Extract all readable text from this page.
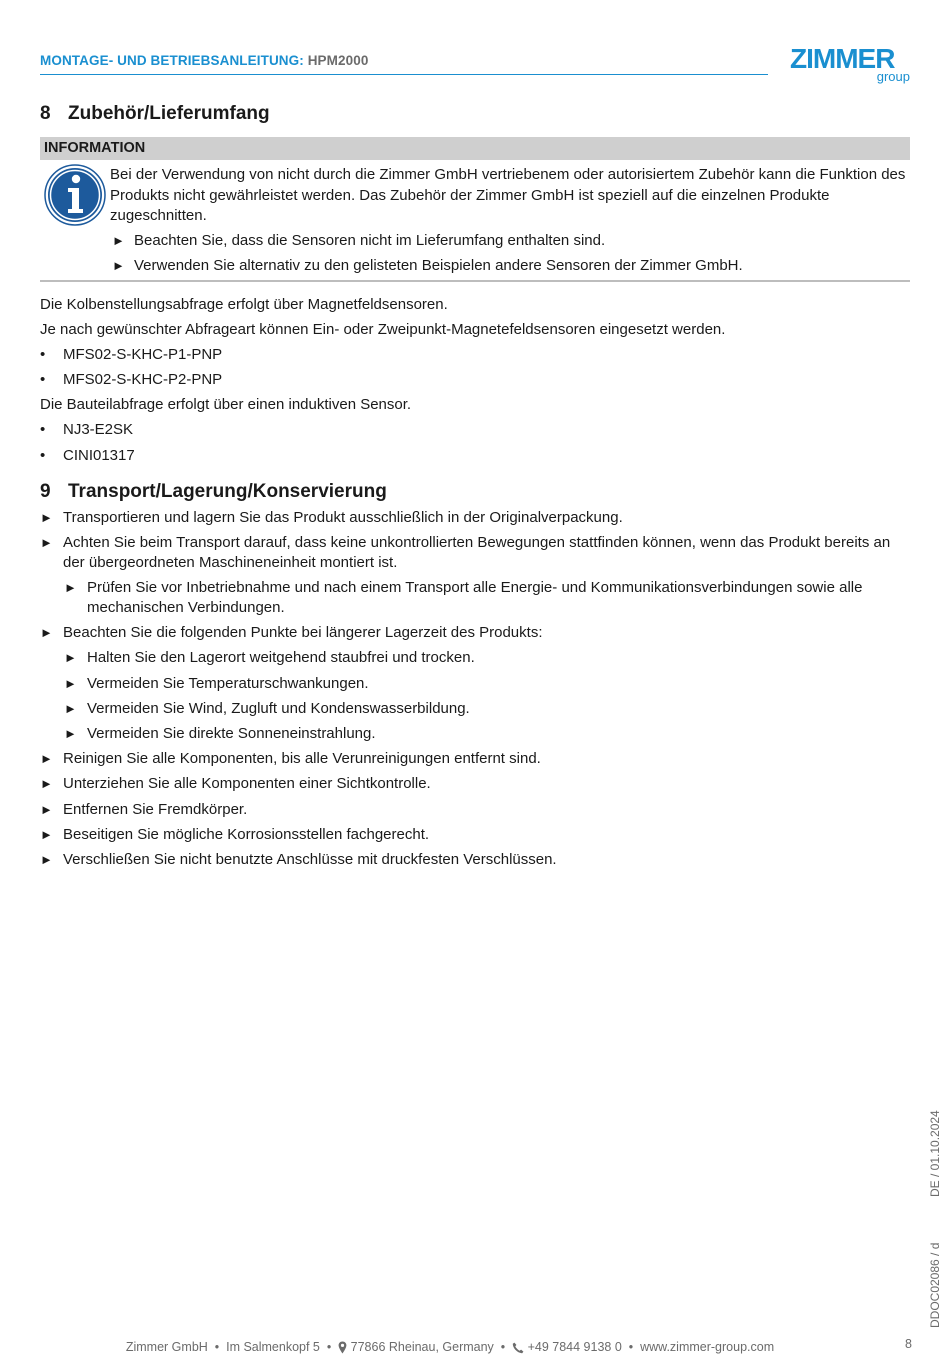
MONTAGE- UND BETRIEBSANLEITUNG: HPM2000	ZIMMER
group
8 Zubehör/Lieferumfang
INFORMATION
Bei der Verwendung von nicht durch die Zimmer GmbH vertriebenem oder autorisiertem Zubehör kann die Funktion des Produkts nicht gewährleistet werden. Das Zubehör der Zimmer GmbH ist speziell auf die einzelnen Produkte zugeschnitten.
► Beachten Sie, dass die Sensoren nicht im Lieferumfang enthalten sind.
► Verwenden Sie alternativ zu den gelisteten Beispielen andere Sensoren der Zimmer GmbH.
Die Kolbenstellungsabfrage erfolgt über Magnetfeldsensoren.
Je nach gewünschter Abfrageart können Ein- oder Zweipunkt-Magnetefeldsensoren eingesetzt werden.
• MFS02-S-KHC-P1-PNP
• MFS02-S-KHC-P2-PNP
Die Bauteilabfrage erfolgt über einen induktiven Sensor.
• NJ3-E2SK
• CINI01317
9 Transport/Lagerung/Konservierung
► Transportieren und lagern Sie das Produkt ausschließlich in der Originalverpackung.
► Achten Sie beim Transport darauf, dass keine unkontrollierten Bewegungen stattfinden können, wenn das Produkt bereits an der übergeordneten Maschineneinheit montiert ist.
► Prüfen Sie vor Inbetriebnahme und nach einem Transport alle Energie- und Kommunikationsverbindungen sowie alle mechanischen Verbindungen.
► Beachten Sie die folgenden Punkte bei längerer Lagerzeit des Produkts:
► Halten Sie den Lagerort weitgehend staubfrei und trocken.
► Vermeiden Sie Temperaturschwankungen.
► Vermeiden Sie Wind, Zugluft und Kondenswasserbildung.
► Vermeiden Sie direkte Sonneneinstrahlung.
► Reinigen Sie alle Komponenten, bis alle Verunreinigungen entfernt sind.
► Unterziehen Sie alle Komponenten einer Sichtkontrolle.
► Entfernen Sie Fremdkörper.
► Beseitigen Sie mögliche Korrosionsstellen fachgerecht.
► Verschließen Sie nicht benutzte Anschlüsse mit druckfesten Verschlüssen.
DE / 01.10.2024
DDOC02086 / d
Zimmer GmbH  •  Im Salmenkopf 5  •   77866 Rheinau, Germany  •   +49 7844 9138 0  •  www.zimmer-group.com	8
